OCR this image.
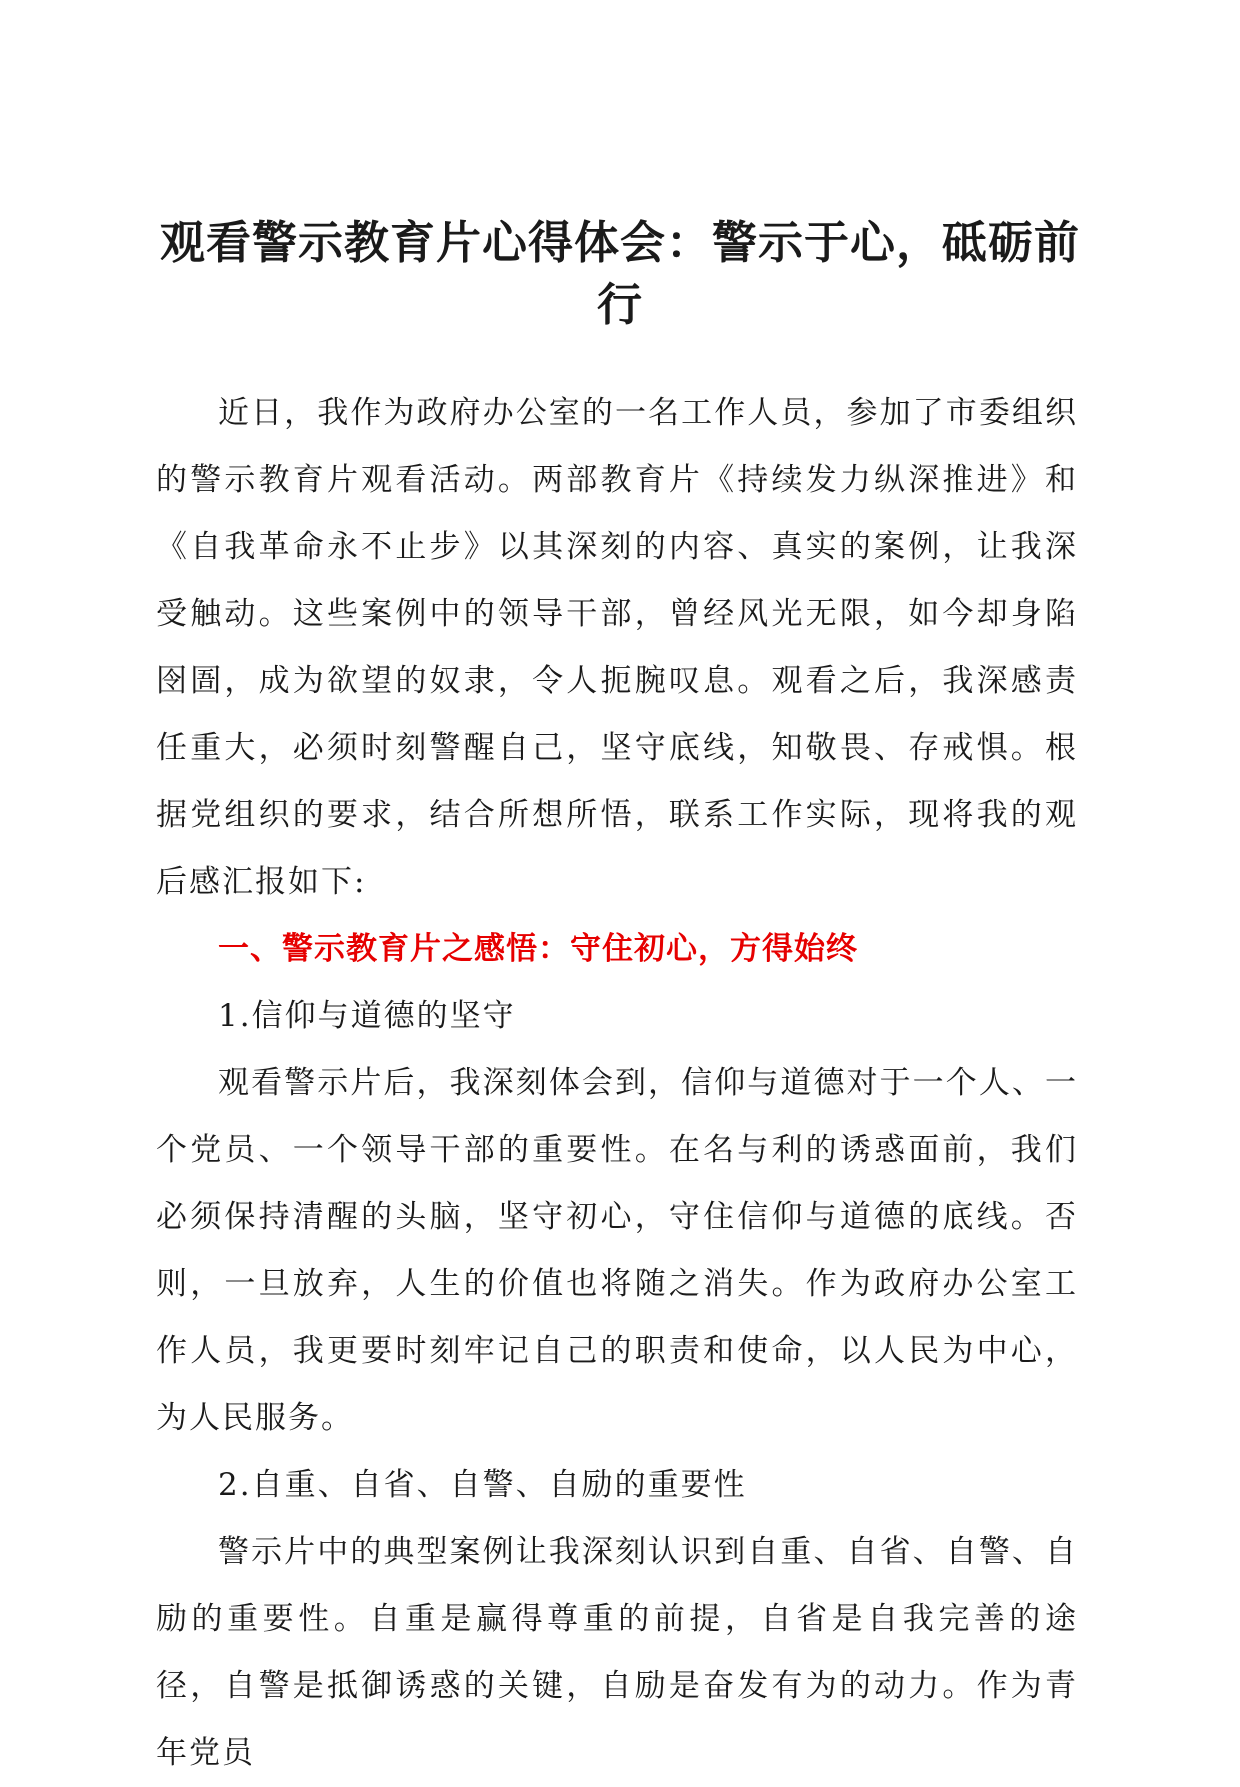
观看警示教育片心得体会：警示于心，砥砺前行

近日，我作为政府办公室的一名工作人员，参加了市委组织的警示教育片观看活动。两部教育片《持续发力纵深推进》和《自我革命永不止步》以其深刻的内容、真实的案例，让我深受触动。这些案例中的领导干部，曾经风光无限，如今却身陷囹圄，成为欲望的奴隶，令人扼腕叹息。观看之后，我深感责任重大，必须时刻警醒自己，坚守底线，知敬畏、存戒惧。根据党组织的要求，结合所想所悟，联系工作实际，现将我的观后感汇报如下:

一、警示教育片之感悟：守住初心，方得始终

1.信仰与道德的坚守

观看警示片后，我深刻体会到，信仰与道德对于一个人、一个党员、一个领导干部的重要性。在名与利的诱惑面前，我们必须保持清醒的头脑，坚守初心，守住信仰与道德的底线。否则，一旦放弃，人生的价值也将随之消失。作为政府办公室工作人员，我更要时刻牢记自己的职责和使命，以人民为中心，为人民服务。

2.自重、自省、自警、自励的重要性

警示片中的典型案例让我深刻认识到自重、自省、自警、自励的重要性。自重是赢得尊重的前提，自省是自我完善的途径，自警是抵御诱惑的关键，自励是奋发有为的动力。作为青年党员
